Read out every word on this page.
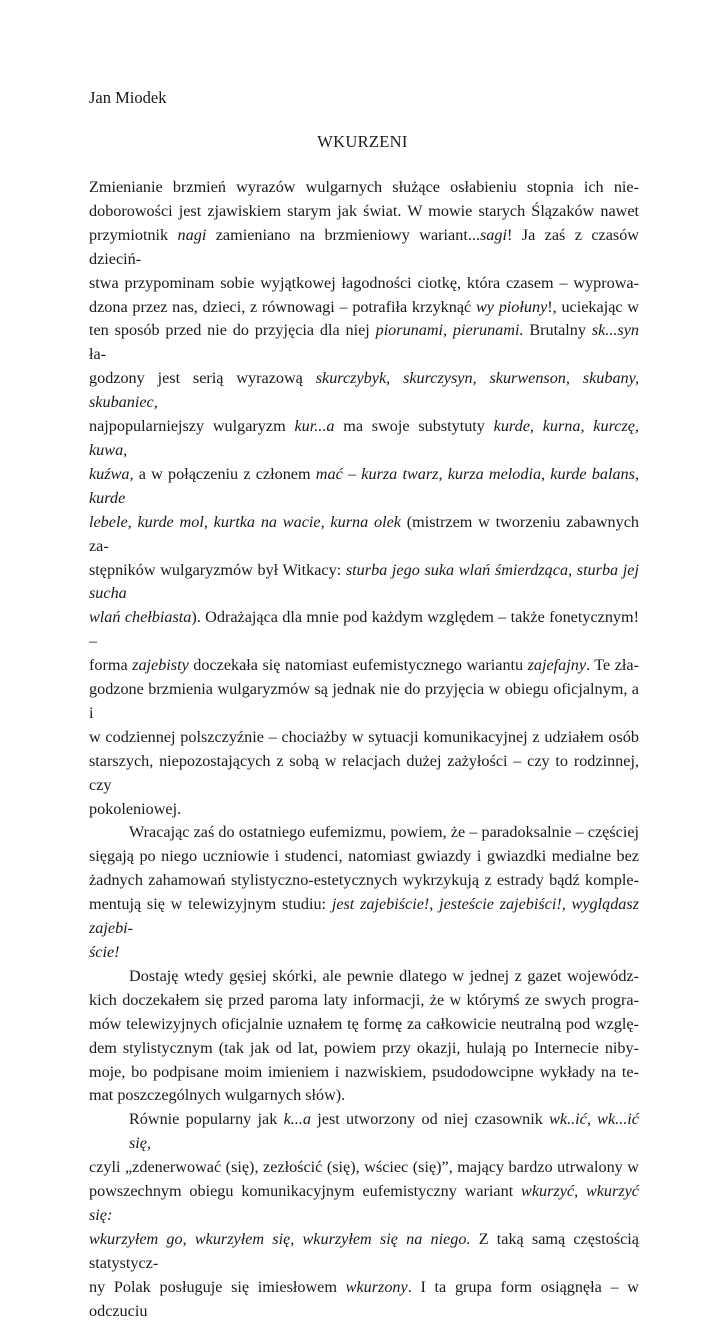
Jan Miodek

WKURZENI

Zmienianie brzmień wyrazów wulgarnych służące osłabieniu stopnia ich nie-
doborowości jest zjawiskiem starym jak świat. W mowie starych Ślązaków nawet
przymiotnik nagi zamieniano na brzmieniowy wariant...sagi! Ja zaś z czasów dzieciń-
stwa przypominam sobie wyjątkowej łagodności ciotkę, która czasem – wyprowa-
dzona przez nas, dzieci, z równowagi – potrafiła krzyknąć wy piołuny!, uciekając w
ten sposób przed nie do przyjęcia dla niej piorunami, pierunami. Brutalny sk...syn ła-
godzony jest serią wyrazową skurczybyk, skurczysyn, skurwenson, skubany, skubaniec,
najpopularniejszy wulgaryzm kur...a ma swoje substytuty kurde, kurna, kurczę, kuwa,
kuźwa, a w połączeniu z członem mać – kurza twarz, kurza melodia, kurde balans, kurde
lebele, kurde mol, kurtka na wacie, kurna olek (mistrzem w tworzeniu zabawnych za-
stępników wulgaryzmów był Witkacy: sturba jego suka wlań śmierdząca, sturba jej sucha
wlań chełbiasta). Odrażająca dla mnie pod każdym względem – także fonetycznym! –
forma zajebisty doczekała się natomiast eufemistycznego wariantu zajefajny. Te zła-
godzone brzmienia wulgaryzmów są jednak nie do przyjęcia w obiegu oficjalnym, a i
w codziennej polszczyźnie – chociażby w sytuacji komunikacyjnej z udziałem osób
starszych, niepozostających z sobą w relacjach dużej zażyłości – czy to rodzinnej, czy
pokoleniowej.
Wracając zaś do ostatniego eufemizmu, powiem, że – paradoksalnie – częściej
sięgają po niego uczniowie i studenci, natomiast gwiazdy i gwiazdki medialne bez
żadnych zahamowań stylistyczno-estetycznych wykrzykują z estrady bądź komple-
mentują się w telewizyjnym studiu: jest zajebiście!, jesteście zajebiści!, wyglądasz zajebi-
ście!
Dostaję wtedy gęsiej skórki, ale pewnie dlatego w jednej z gazet wojewódz-
kich doczekałem się przed paroma laty informacji, że w którymś ze swych progra-
mów telewizyjnych oficjalnie uznałem tę formę za całkowicie neutralną pod wzglę-
dem stylistycznym (tak jak od lat, powiem przy okazji, hulają po Internecie niby-
moje, bo podpisane moim imieniem i nazwiskiem, psudodowcipne wykłady na te-
mat poszczególnych wulgarnych słów).
Równie popularny jak k...a jest utworzony od niej czasownik wk..ić, wk...ić się,
czyli „zdenerwować (się), zezłościć (się), wściec (się)”, mający bardzo utrwalony w
powszechnym obiegu komunikacyjnym eufemistyczny wariant wkurzyć, wkurzyć się:
wkurzyłem go, wkurzyłem się, wkurzyłem się na niego. Z taką samą częstością statystycz-
ny Polak posługuje się imiesłowem wkurzony. I ta grupa form osiągnęła – w odczuciu
